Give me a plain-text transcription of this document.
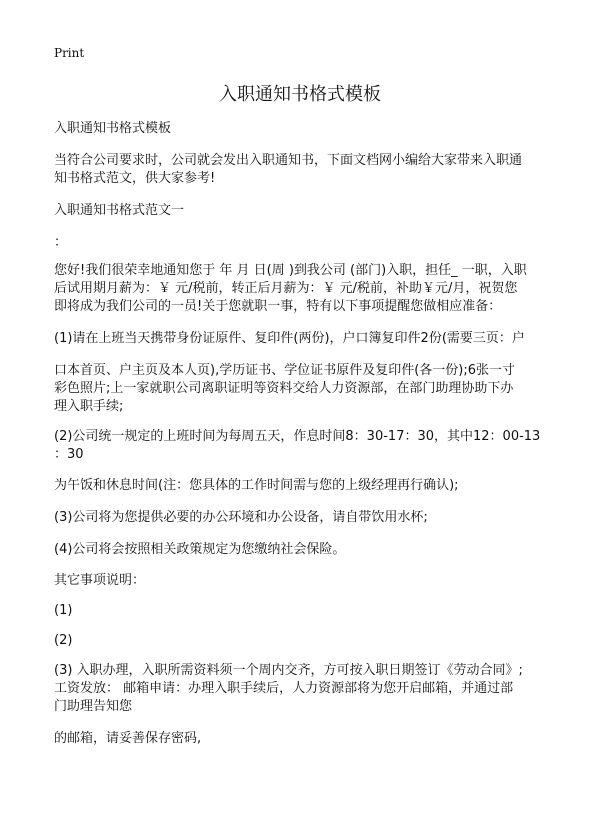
Print
入职通知书格式模板
入职通知书格式模板
当符合公司要求时，公司就会发出入职通知书，下面文档网小编给大家带来入职通
知书格式范文，供大家参考!
入职通知书格式范文一
：
您好!我们很荣幸地通知您于 年 月 日(周 )到我公司 (部门)入职，担任_ 一职，入职
后试用期月薪为：￥ 元/税前，转正后月薪为：￥ 元/税前，补助￥元/月，祝贺您
即将成为我们公司的一员!关于您就职一事，特有以下事项提醒您做相应准备：
(1)请在上班当天携带身份证原件、复印件(两份)，户口簿复印件2份(需要三页：户
口本首页、户主页及本人页),学历证书、学位证书原件及复印件(各一份);6张一寸
彩色照片;上一家就职公司离职证明等资料交给人力资源部，在部门助理协助下办
理入职手续;
(2)公司统一规定的上班时间为每周五天，作息时间8：30-17：30，其中12：00-13
：30
为午饭和休息时间(注：您具体的工作时间需与您的上级经理再行确认);
(3)公司将为您提供必要的办公环境和办公设备，请自带饮用水杯;
(4)公司将会按照相关政策规定为您缴纳社会保险。
其它事项说明：
(1)
(2)
(3) 入职办理，入职所需资料须一个周内交齐，方可按入职日期签订《劳动合同》;
工资发放： 邮箱申请：办理入职手续后，人力资源部将为您开启邮箱，并通过部
门助理告知您
的邮箱，请妥善保存密码,
